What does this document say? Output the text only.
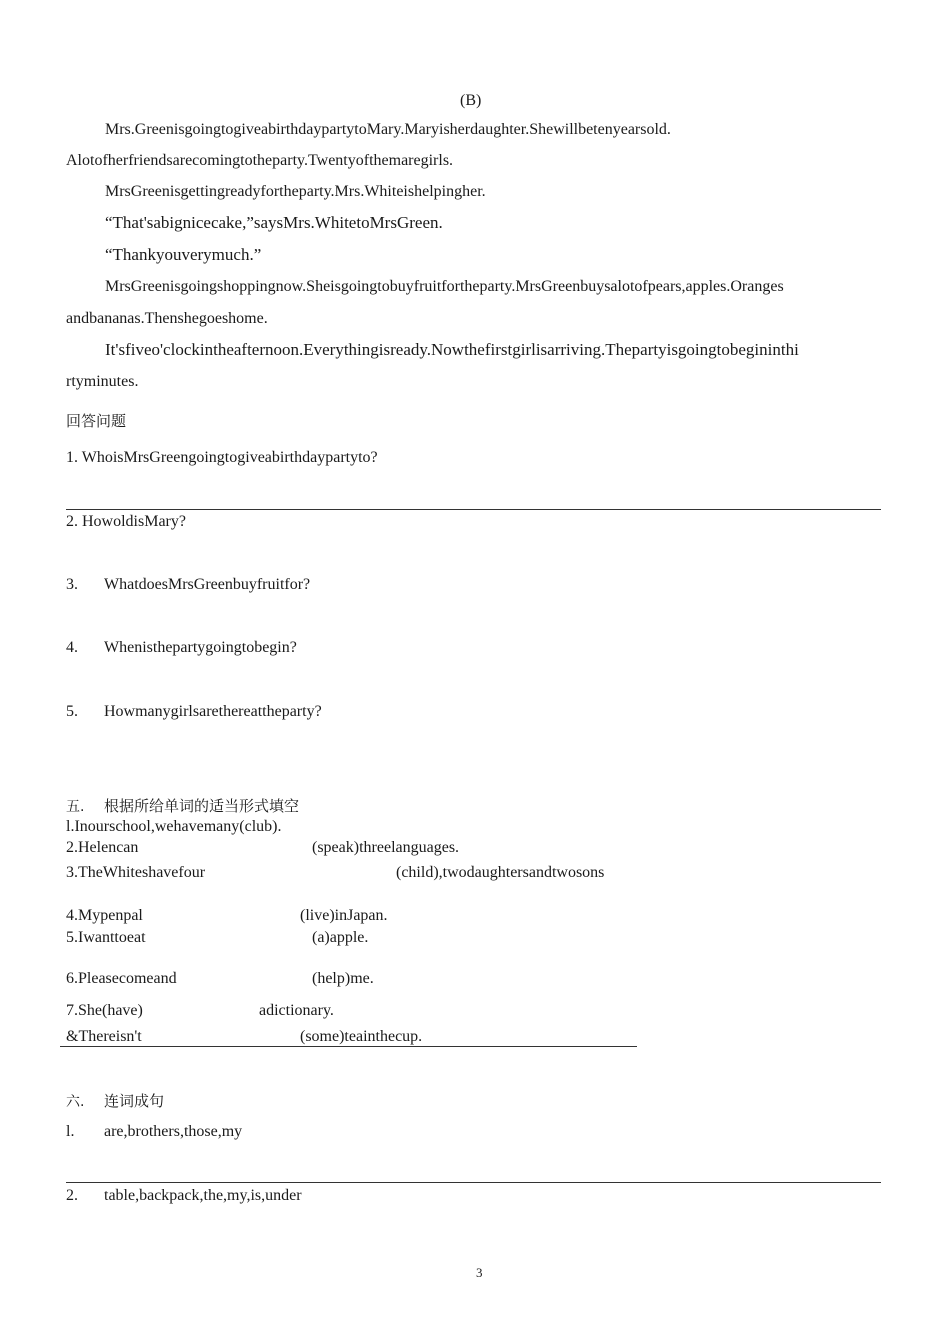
(B)
Mrs.GreenisgoingtogiveabirthdaypartytoMary.Maryisherdaughter.Shewillbetenyearsold.
Alotofherfriendsarecomingtotheparty.Twentyofthemaregirls.
MrsGreenisgettingreadyfortheparty.Mrs.Whiteishelpingher.
“That'sabignicecake,”saysMrs.WhitetoMrsGreen.
“Thankyouverymuch.”
MrsGreenisgoingshoppingnow.Sheisgoingtobuyfruitfortheparty.MrsGreenbuysalotofpears,apples.Oranges
andbananas.Thenshegoeshome.
It'sfiveo'clockintheafternoon.Everythingisready.Nowthefirstgirlisarriving.Thepartyisgoingtobegininthi
rtyminutes.
回答问题
1. WhoisMrsGreengoingtogiveabirthdaypartyto?
2. HowoldisMary?
3. WhatdoesMrsGreenbuyfruitfor?
4. Whenisthepartygoingtobegin?
5. Howmanygirlsarethereattheparty?
五. 根据所给单词的适当形式填空
l.Inourschool,wehavemany(club).
2.Helencan	(speak)threelanguages.
3.TheWhiteshavefour	(child),twodaughtersandtwosons
4.Mypenpal	(live)inJapan.
5.Iwanttoeat	(a)apple.
6.Pleasecomeand	(help)me.
7.She(have)	adictionary.
&Thereisn't	(some)teainthecup.
六. 连词成句
l. are,brothers,those,my
2. table,backpack,the,my,is,under
3
